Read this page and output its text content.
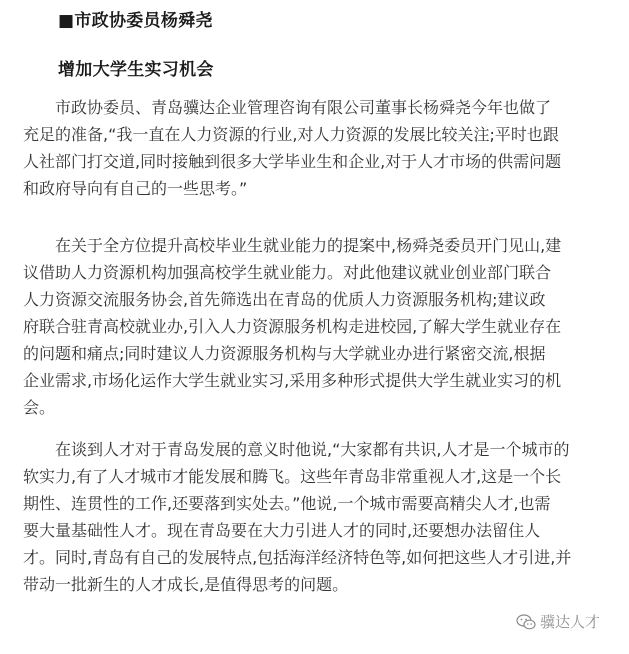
■市政协委员杨舜尧
增加大学生实习机会
市政协委员、青岛骥达企业管理咨询有限公司董事长杨舜尧今年也做了
充足的准备,“我一直在人力资源的行业,对人力资源的发展比较关注;平时也跟
人社部门打交道,同时接触到很多大学毕业生和企业,对于人才市场的供需问题
和政府导向有自己的一些思考。”
在关于全方位提升高校毕业生就业能力的提案中,杨舜尧委员开门见山,建
议借助人力资源机构加强高校学生就业能力。对此他建议就业创业部门联合
人力资源交流服务协会,首先筛选出在青岛的优质人力资源服务机构;建议政
府联合驻青高校就业办,引入人力资源服务机构走进校园,了解大学生就业存在
的问题和痛点;同时建议人力资源服务机构与大学就业办进行紧密交流,根据
企业需求,市场化运作大学生就业实习,采用多种形式提供大学生就业实习的机
会。
在谈到人才对于青岛发展的意义时他说,“大家都有共识,人才是一个城市的
软实力,有了人才城市才能发展和腾飞。这些年青岛非常重视人才,这是一个长
期性、连贯性的工作,还要落到实处去。”他说,一个城市需要高精尖人才,也需
要大量基础性人才。现在青岛要在大力引进人才的同时,还要想办法留住人
才。同时,青岛有自己的发展特点,包括海洋经济特色等,如何把这些人才引进,并
带动一批新生的人才成长,是值得思考的问题。
骥达人才
